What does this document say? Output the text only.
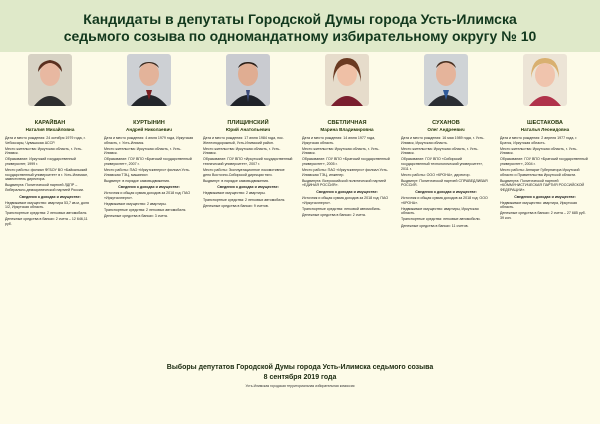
Кандидаты в депутаты Городской Думы города Усть-Илимска
седьмого созыва по одномандатному избирательному округу № 10
КАРАЙВАН
Наталия Михайловна

Дата и место рождения: 24 октября 1979 года, г. Чебоксары, Чувашская АССР.

Место жительства: Иркутская область, г. Усть-Илимск.

Образование: Иркутский государственный университет, 1999 г.

Место работы: филиал ФГБОУ ВО «Байкальский государственный университет» в г. Усть-Илимске, заместитель директора.

Выдвинута: Политической партией ЛДПР – Либерально-демократической партией России.

Сведения о доходах и имуществе:

Недвижимое имущество: квартира 53,7 кв.м, доля 1/2, Иркутская область.

Транспортные средства: 2 легковых автомобиля.

Денежные средства в банках: 2 счета – 12 646,11 руб.

КУРТЫНИН
Андрей Николаевич

Дата и место рождения: 4 июля 1979 года, Иркутская область, г. Усть-Илимск.

Место жительства: Иркутская область, г. Усть-Илимск.

Образование: ГОУ ВПО «Братский государственный университет», 2007 г.

Место работы: ПАО «Иркутскэнерго» филиал Усть-Илимская ТЭЦ, машинист.

Выдвинут: в порядке самовыдвижения.

Сведения о доходах и имуществе:

Источник и общая сумма доходов за 2018 год: ПАО «Иркутскэнерго».

Недвижимое имущество: 2 квартиры.

Транспортные средства: 2 легковых автомобиля.

Денежные средства в банках: 3 счета.

ПЛИЩИНСКИЙ
Юрий Анатольевич

Дата и место рождения: 17 июня 1984 года, пос. Железнодорожный, Усть-Илимский район.

Место жительства: Иркутская область, г. Усть-Илимск.

Образование: ГОУ ВПО «Иркутский государственный технический университет», 2007 г.

Место работы: Эксплуатационное локомотивное депо Восточно-Сибирской дирекции тяги.

Выдвинут: в порядке самовыдвижения.

Сведения о доходах и имуществе:

Недвижимое имущество: 2 квартиры.

Транспортные средства: 2 легковых автомобиля.

Денежные средства в банках: 9 счетов.

СВЕТЛИЧНАЯ
Марина Владимировна

Дата и место рождения: 14 июня 1977 года, Иркутская область.

Место жительства: Иркутская область, г. Усть-Илимск.

Образование: ГОУ ВПО «Братский государственный университет», 2005 г.

Место работы: ПАО «Иркутскэнерго» филиал Усть-Илимская ТЭЦ, инженер.

Выдвинута: Всероссийской политической партией «ЕДИНАЯ РОССИЯ».

Сведения о доходах и имуществе:

Источник и общая сумма доходов за 2018 год: ПАО «Иркутскэнерго».

Транспортные средства: легковой автомобиль.

Денежные средства в банках: 2 счета.

СУХАНОВ
Олег Андреевич

Дата и место рождения: 16 мая 1989 года, г. Усть-Илимск, Иркутская область.

Место жительства: Иркутская область, г. Усть-Илимск.

Образование: ГОУ ВПО «Сибирский государственный технологический университет», 2011 г.

Место работы: ООО «КРОНА», директор.

Выдвинут: Политической партией СПРАВЕДЛИВАЯ РОССИЯ.

Сведения о доходах и имуществе:

Источник и общая сумма доходов за 2018 год: ООО «КРОНА».

Недвижимое имущество: квартиры, Иркутская область.

Транспортные средства: легковые автомобили.

Денежные средства в банках: 11 счетов.

ШЕСТАКОВА
Наталья Леонидовна

Дата и место рождения: 2 апреля 1977 года, г. Братск, Иркутская область.

Место жительства: Иркутская область, г. Усть-Илимск.

Образование: ГОУ ВПО «Братский государственный университет», 2004 г.

Место работы: Аппарат Губернатора Иркутской области и Правительства Иркутской области.

Выдвинута: Политической партией «КОММУНИСТИЧЕСКАЯ ПАРТИЯ РОССИЙСКОЙ ФЕДЕРАЦИИ».

Сведения о доходах и имуществе:

Недвижимое имущество: квартира, Иркутская область.

Денежные средства в банках: 2 счета – 27 685 руб. 39 коп.

Выборы депутатов Городской Думы города Усть-Илимска седьмого созыва
8 сентября 2019 года
Усть-Илимская городская территориальная избирательная комиссия
